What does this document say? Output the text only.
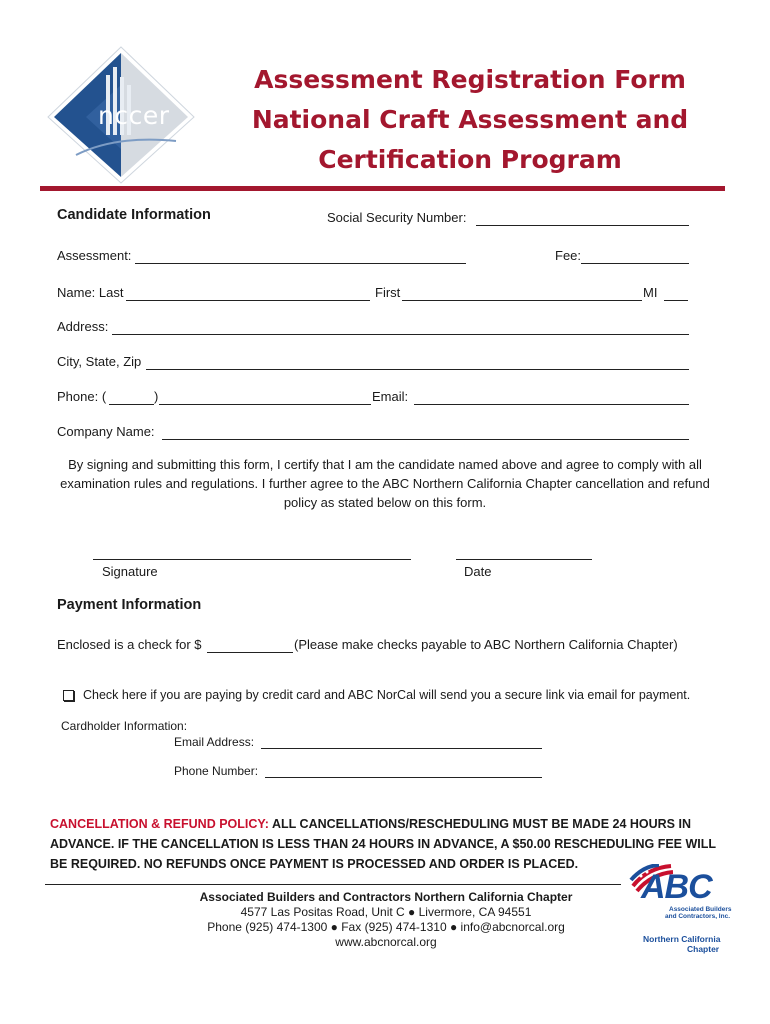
nccer
Assessment Registration Form
National Craft Assessment and
Certification Program
Candidate Information	Social Security Number:
Assessment:	Fee:
Name: Last	First	MI
Address:
City, State, Zip
Phone: (	)	Email:
Company Name:
By signing and submitting this form, I certify that I am the candidate named above and agree to comply with all examination rules and regulations. I further agree to the ABC Northern California Chapter cancellation and refund policy as stated below on this form.
Signature	Date
Payment Information
Enclosed is a check for $	(Please make checks payable to ABC Northern California Chapter)
Check here if you are paying by credit card and ABC NorCal will send you a secure link via email for payment.
Cardholder Information:
Email Address:
Phone Number:
CANCELLATION & REFUND POLICY: ALL CANCELLATIONS/RESCHEDULING MUST BE MADE 24 HOURS IN ADVANCE. IF THE CANCELLATION IS LESS THAN 24 HOURS IN ADVANCE, A $50.00 RESCHEDULING FEE WILL BE REQUIRED. NO REFUNDS ONCE PAYMENT IS PROCESSED AND ORDER IS PLACED.
Associated Builders and Contractors Northern California Chapter
4577 Las Positas Road, Unit C ● Livermore, CA 94551
Phone (925) 474-1300 ● Fax (925) 474-1310 ● info@abcnorcal.org
www.abcnorcal.org
ABC
Associated Builders
and Contractors, Inc.
Northern California
Chapter
